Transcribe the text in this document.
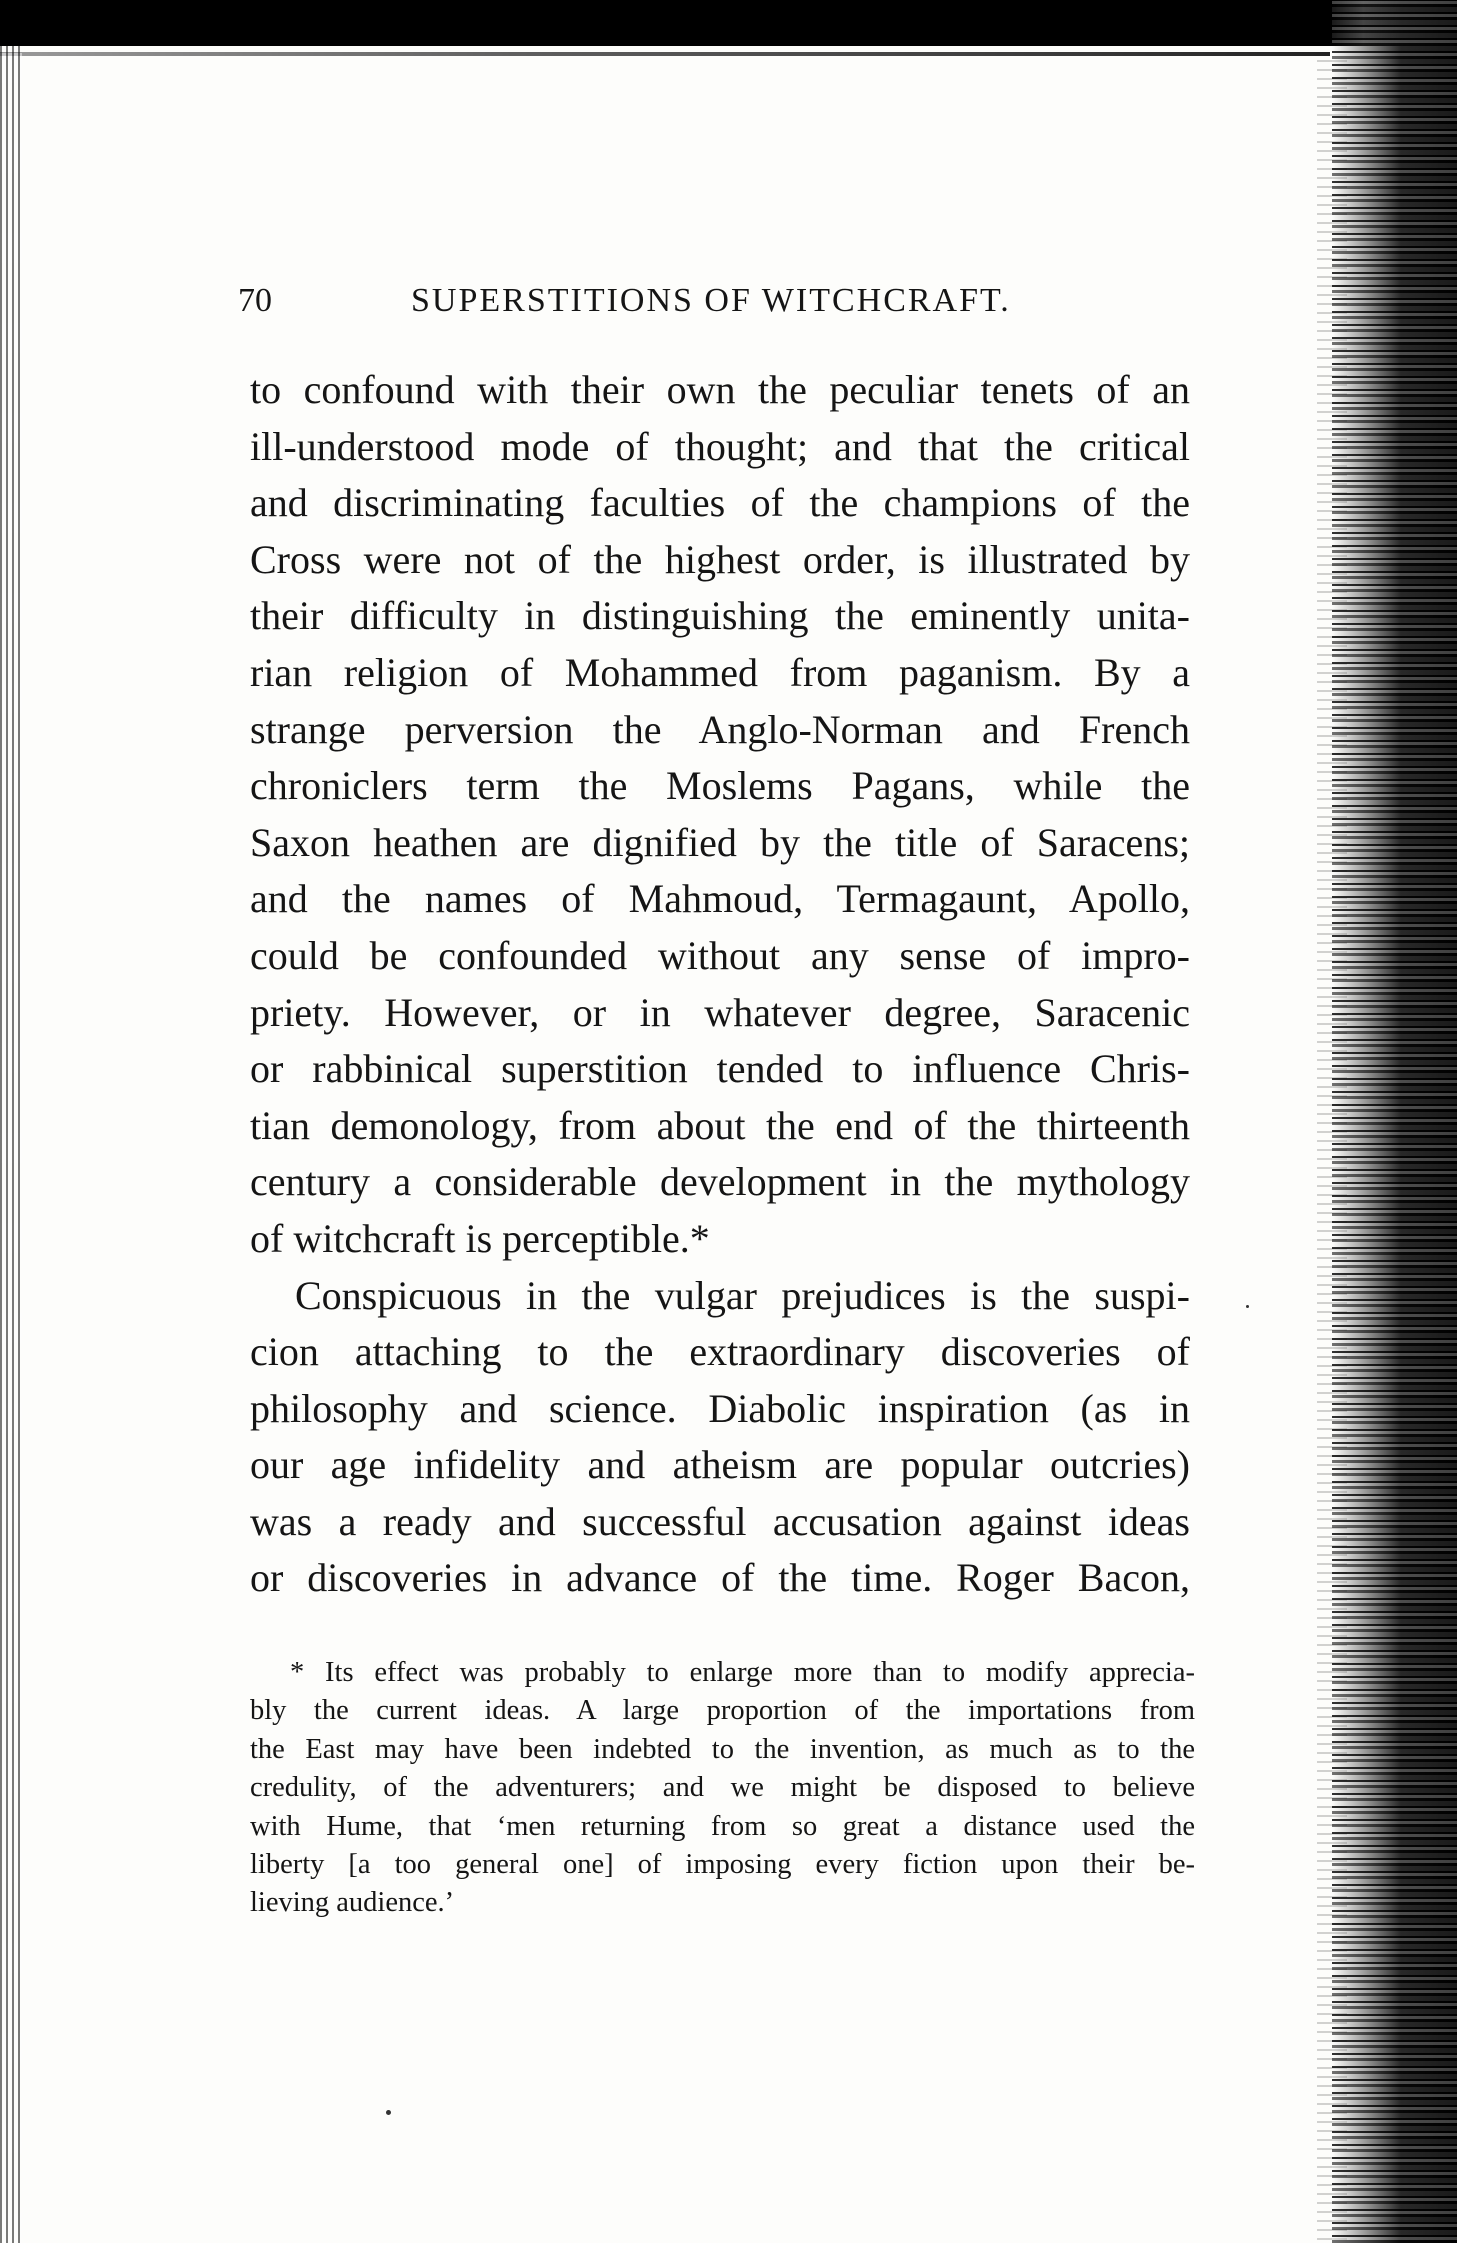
70	SUPERSTITIONS OF WITCHCRAFT.
to confound with their own the peculiar tenets of an
ill-understood mode of thought; and that the critical
and discriminating faculties of the champions of the
Cross were not of the highest order, is illustrated by
their difficulty in distinguishing the eminently unita-
rian religion of Mohammed from paganism. By a
strange perversion the Anglo-Norman and French
chroniclers term the Moslems Pagans, while the
Saxon heathen are dignified by the title of Saracens;
and the names of Mahmoud, Termagaunt, Apollo,
could be confounded without any sense of impro-
priety. However, or in whatever degree, Saracenic
or rabbinical superstition tended to influence Chris-
tian demonology, from about the end of the thirteenth
century a considerable development in the mythology
of witchcraft is perceptible.*
Conspicuous in the vulgar prejudices is the suspi-
cion attaching to the extraordinary discoveries of
philosophy and science. Diabolic inspiration (as in
our age infidelity and atheism are popular outcries)
was a ready and successful accusation against ideas
or discoveries in advance of the time. Roger Bacon,
* Its effect was probably to enlarge more than to modify apprecia-
bly the current ideas. A large proportion of the importations from
the East may have been indebted to the invention, as much as to the
credulity, of the adventurers; and we might be disposed to believe
with Hume, that ‘men returning from so great a distance used the
liberty [a too general one] of imposing every fiction upon their be-
lieving audience.’
